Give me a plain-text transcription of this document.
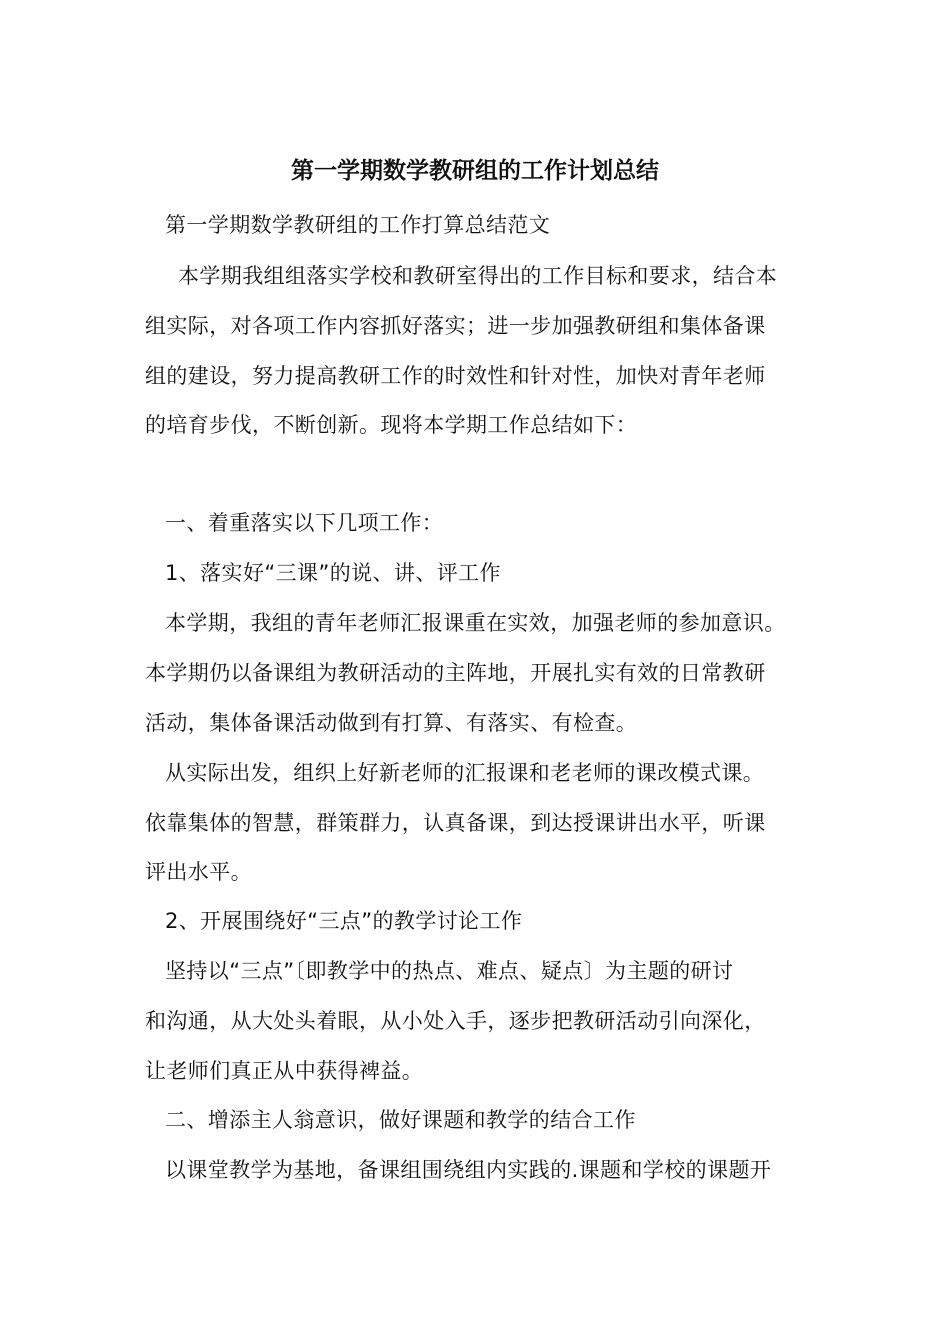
第一学期数学教研组的工作计划总结
第一学期数学教研组的工作打算总结范文
本学期我组组落实学校和教研室得出的工作目标和要求，结合本
组实际，对各项工作内容抓好落实；进一步加强教研组和集体备课
组的建设，努力提高教研工作的时效性和针对性，加快对青年老师
的培育步伐，不断创新。现将本学期工作总结如下：
一、着重落实以下几项工作：
1、落实好“三课”的说、讲、评工作
本学期，我组的青年老师汇报课重在实效，加强老师的参加意识。
本学期仍以备课组为教研活动的主阵地，开展扎实有效的日常教研
活动，集体备课活动做到有打算、有落实、有检查。
从实际出发，组织上好新老师的汇报课和老老师的课改模式课。
依靠集体的智慧，群策群力，认真备课，到达授课讲出水平，听课
评出水平。
2、开展围绕好“三点”的教学讨论工作
坚持以“三点”〔即教学中的热点、难点、疑点〕为主题的研讨
和沟通，从大处头着眼，从小处入手，逐步把教研活动引向深化，
让老师们真正从中获得裨益。
二、增添主人翁意识，做好课题和教学的结合工作
以课堂教学为基地，备课组围绕组内实践的.课题和学校的课题开
